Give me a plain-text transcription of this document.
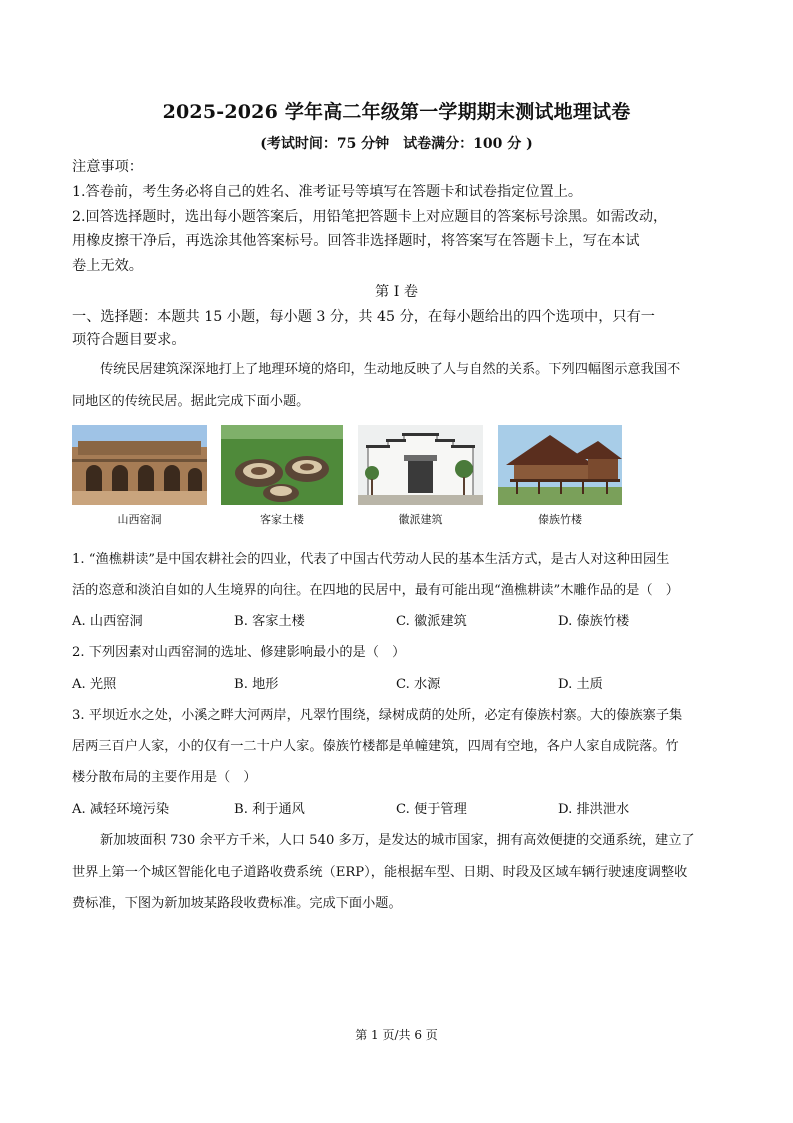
2025-2026 学年高二年级第一学期期末测试地理试卷
(考试时间：75 分钟　试卷满分：100 分 )
注意事项：
1.答卷前，考生务必将自己的姓名、准考证号等填写在答题卡和试卷指定位置上。
2.回答选择题时，选出每小题答案后，用铅笔把答题卡上对应题目的答案标号涂黑。如需改动，
用橡皮擦干净后，再选涂其他答案标号。回答非选择题时，将答案写在答题卡上，写在本试
卷上无效。
第 I 卷
一、选择题：本题共 15 小题，每小题 3 分，共 45 分，在每小题给出的四个选项中，只有一
项符合题目要求。
传统民居建筑深深地打上了地理环境的烙印，生动地反映了人与自然的关系。下列四幅图示意我国不
同地区的传统民居。据此完成下面小题。
山西窑洞	客家土楼	徽派建筑	傣族竹楼
1. “渔樵耕读”是中国农耕社会的四业，代表了中国古代劳动人民的基本生活方式，是古人对这种田园生
活的恣意和淡泊自如的人生境界的向往。在四地的民居中，最有可能出现“渔樵耕读”木雕作品的是（　）
A. 山西窑洞	B. 客家土楼	C. 徽派建筑	D. 傣族竹楼
2. 下列因素对山西窑洞的选址、修建影响最小的是（　）
A. 光照	B. 地形	C. 水源	D. 土质
3. 平坝近水之处，小溪之畔大河两岸，凡翠竹围绕，绿树成荫的处所，必定有傣族村寨。大的傣族寨子集
居两三百户人家，小的仅有一二十户人家。傣族竹楼都是单幢建筑，四周有空地，各户人家自成院落。竹
楼分散布局的主要作用是（　）
A. 减轻环境污染	B. 利于通风	C. 便于管理	D. 排洪泄水
新加坡面积 730 余平方千米，人口 540 多万，是发达的城市国家，拥有高效便捷的交通系统，建立了
世界上第一个城区智能化电子道路收费系统（ERP），能根据车型、日期、时段及区域车辆行驶速度调整收
费标准，下图为新加坡某路段收费标准。完成下面小题。
第 1 页/共 6 页
